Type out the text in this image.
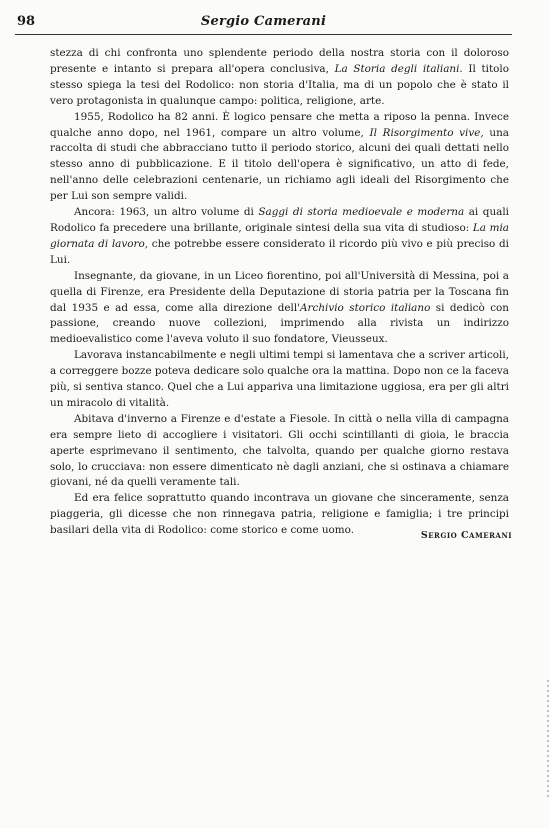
98	Sergio Camerani

stezza di chi confronta uno splendente periodo della nostra storia con il doloroso presente e intanto si prepara all'opera conclusiva, La Storia degli italiani. Il titolo stesso spiega la tesi del Rodolico: non storia d'Italia, ma di un popolo che è stato il vero protagonista in qualunque campo: politica, religione, arte.

1955, Rodolico ha 82 anni. È logico pensare che metta a riposo la penna. Invece qualche anno dopo, nel 1961, compare un altro volume, Il Risorgimento vive, una raccolta di studi che abbracciano tutto il periodo storico, alcuni dei quali dettati nello stesso anno di pubblicazione. E il titolo dell'opera è significativo, un atto di fede, nell'anno delle celebrazioni centenarie, un richiamo agli ideali del Risorgimento che per Lui son sempre validi.

Ancora: 1963, un altro volume di Saggi di storia medioevale e moderna ai quali Rodolico fa precedere una brillante, originale sintesi della sua vita di studioso: La mia giornata di lavoro, che potrebbe essere considerato il ricordo più vivo e più preciso di Lui.

Insegnante, da giovane, in un Liceo fiorentino, poi all'Università di Messina, poi a quella di Firenze, era Presidente della Deputazione di storia patria per la Toscana fin dal 1935 e ad essa, come alla direzione dell'Archivio storico italiano si dedicò con passione, creando nuove collezioni, imprimendo alla rivista un indirizzo medioevalistico come l'aveva voluto il suo fondatore, Vieusseux.

Lavorava instancabilmente e negli ultimi tempi si lamentava che a scriver articoli, a correggere bozze poteva dedicare solo qualche ora la mattina. Dopo non ce la faceva più, si sentiva stanco. Quel che a Lui appariva una limitazione uggiosa, era per gli altri un miracolo di vitalità.

Abitava d'inverno a Firenze e d'estate a Fiesole. In città o nella villa di campagna era sempre lieto di accogliere i visitatori. Gli occhi scintillanti di gioia, le braccia aperte esprimevano il sentimento, che talvolta, quando per qualche giorno restava solo, lo crucciava: non essere dimenticato nè dagli anziani, che si ostinava a chiamare giovani, né da quelli veramente tali.

Ed era felice soprattutto quando incontrava un giovane che sinceramente, senza piaggeria, gli dicesse che non rinnegava patria, religione e famiglia; i tre principi basilari della vita di Rodolico: come storico e come uomo.	Sergio Camerani
